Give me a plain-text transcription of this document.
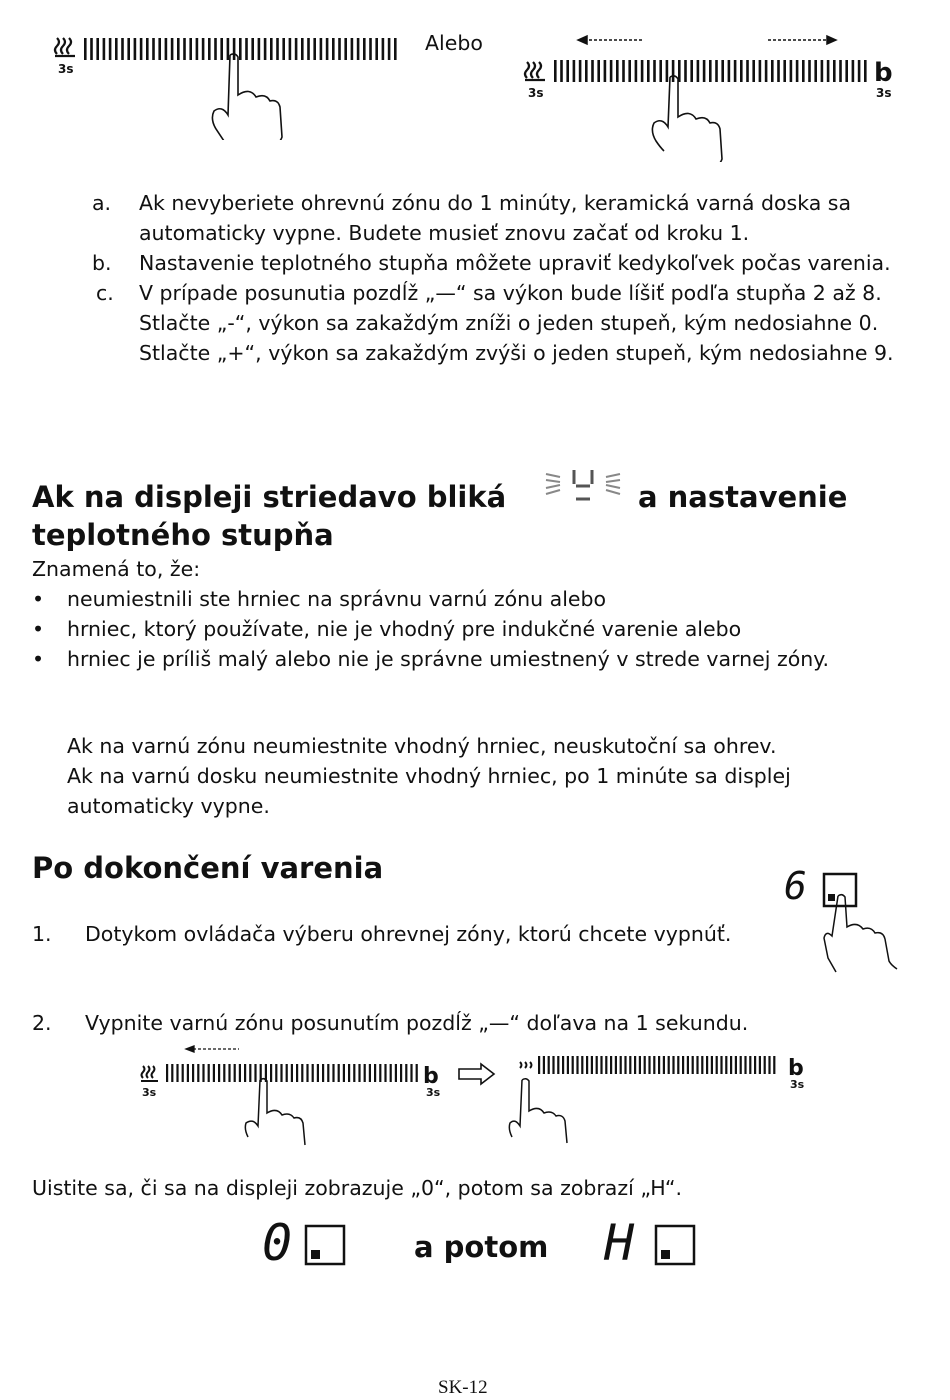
3s
Alebo
3s
b
3s
a. Ak nevyberiete ohrevnú zónu do 1 minúty, keramická varná doska sa automaticky vypne. Budete musieť znovu začať od kroku 1.
b. Nastavenie teplotného stupňa môžete upraviť kedykoľvek počas varenia.
c. V prípade posunutia pozdĺž „—“ sa výkon bude líšiť podľa stupňa 2 až 8.
Stlačte „-“, výkon sa zakaždým zníži o jeden stupeň, kým nedosiahne 0. Stlačte „+“, výkon sa zakaždým zvýši o jeden stupeň, kým nedosiahne 9.
Ak na displeji striedavo bliká	a nastavenie
teplotného stupňa
Znamená to, že:
• neumiestnili ste hrniec na správnu varnú zónu alebo
• hrniec, ktorý používate, nie je vhodný pre indukčné varenie alebo
• hrniec je príliš malý alebo nie je správne umiestnený v strede varnej zóny.
Ak na varnú zónu neumiestnite vhodný hrniec, neuskutoční sa ohrev.
Ak na varnú dosku neumiestnite vhodný hrniec, po 1 minúte sa displej automaticky vypne.
Po dokončení varenia	6
1. Dotykom ovládača výberu ohrevnej zóny, ktorú chcete vypnúť.
2. Vypnite varnú zónu posunutím pozdĺž „—“ doľava na 1 sekundu.
3s
b
3s
b
3s
Uistite sa, či sa na displeji zobrazuje „0“, potom sa zobrazí „H“.
0	a potom H
SK-12
